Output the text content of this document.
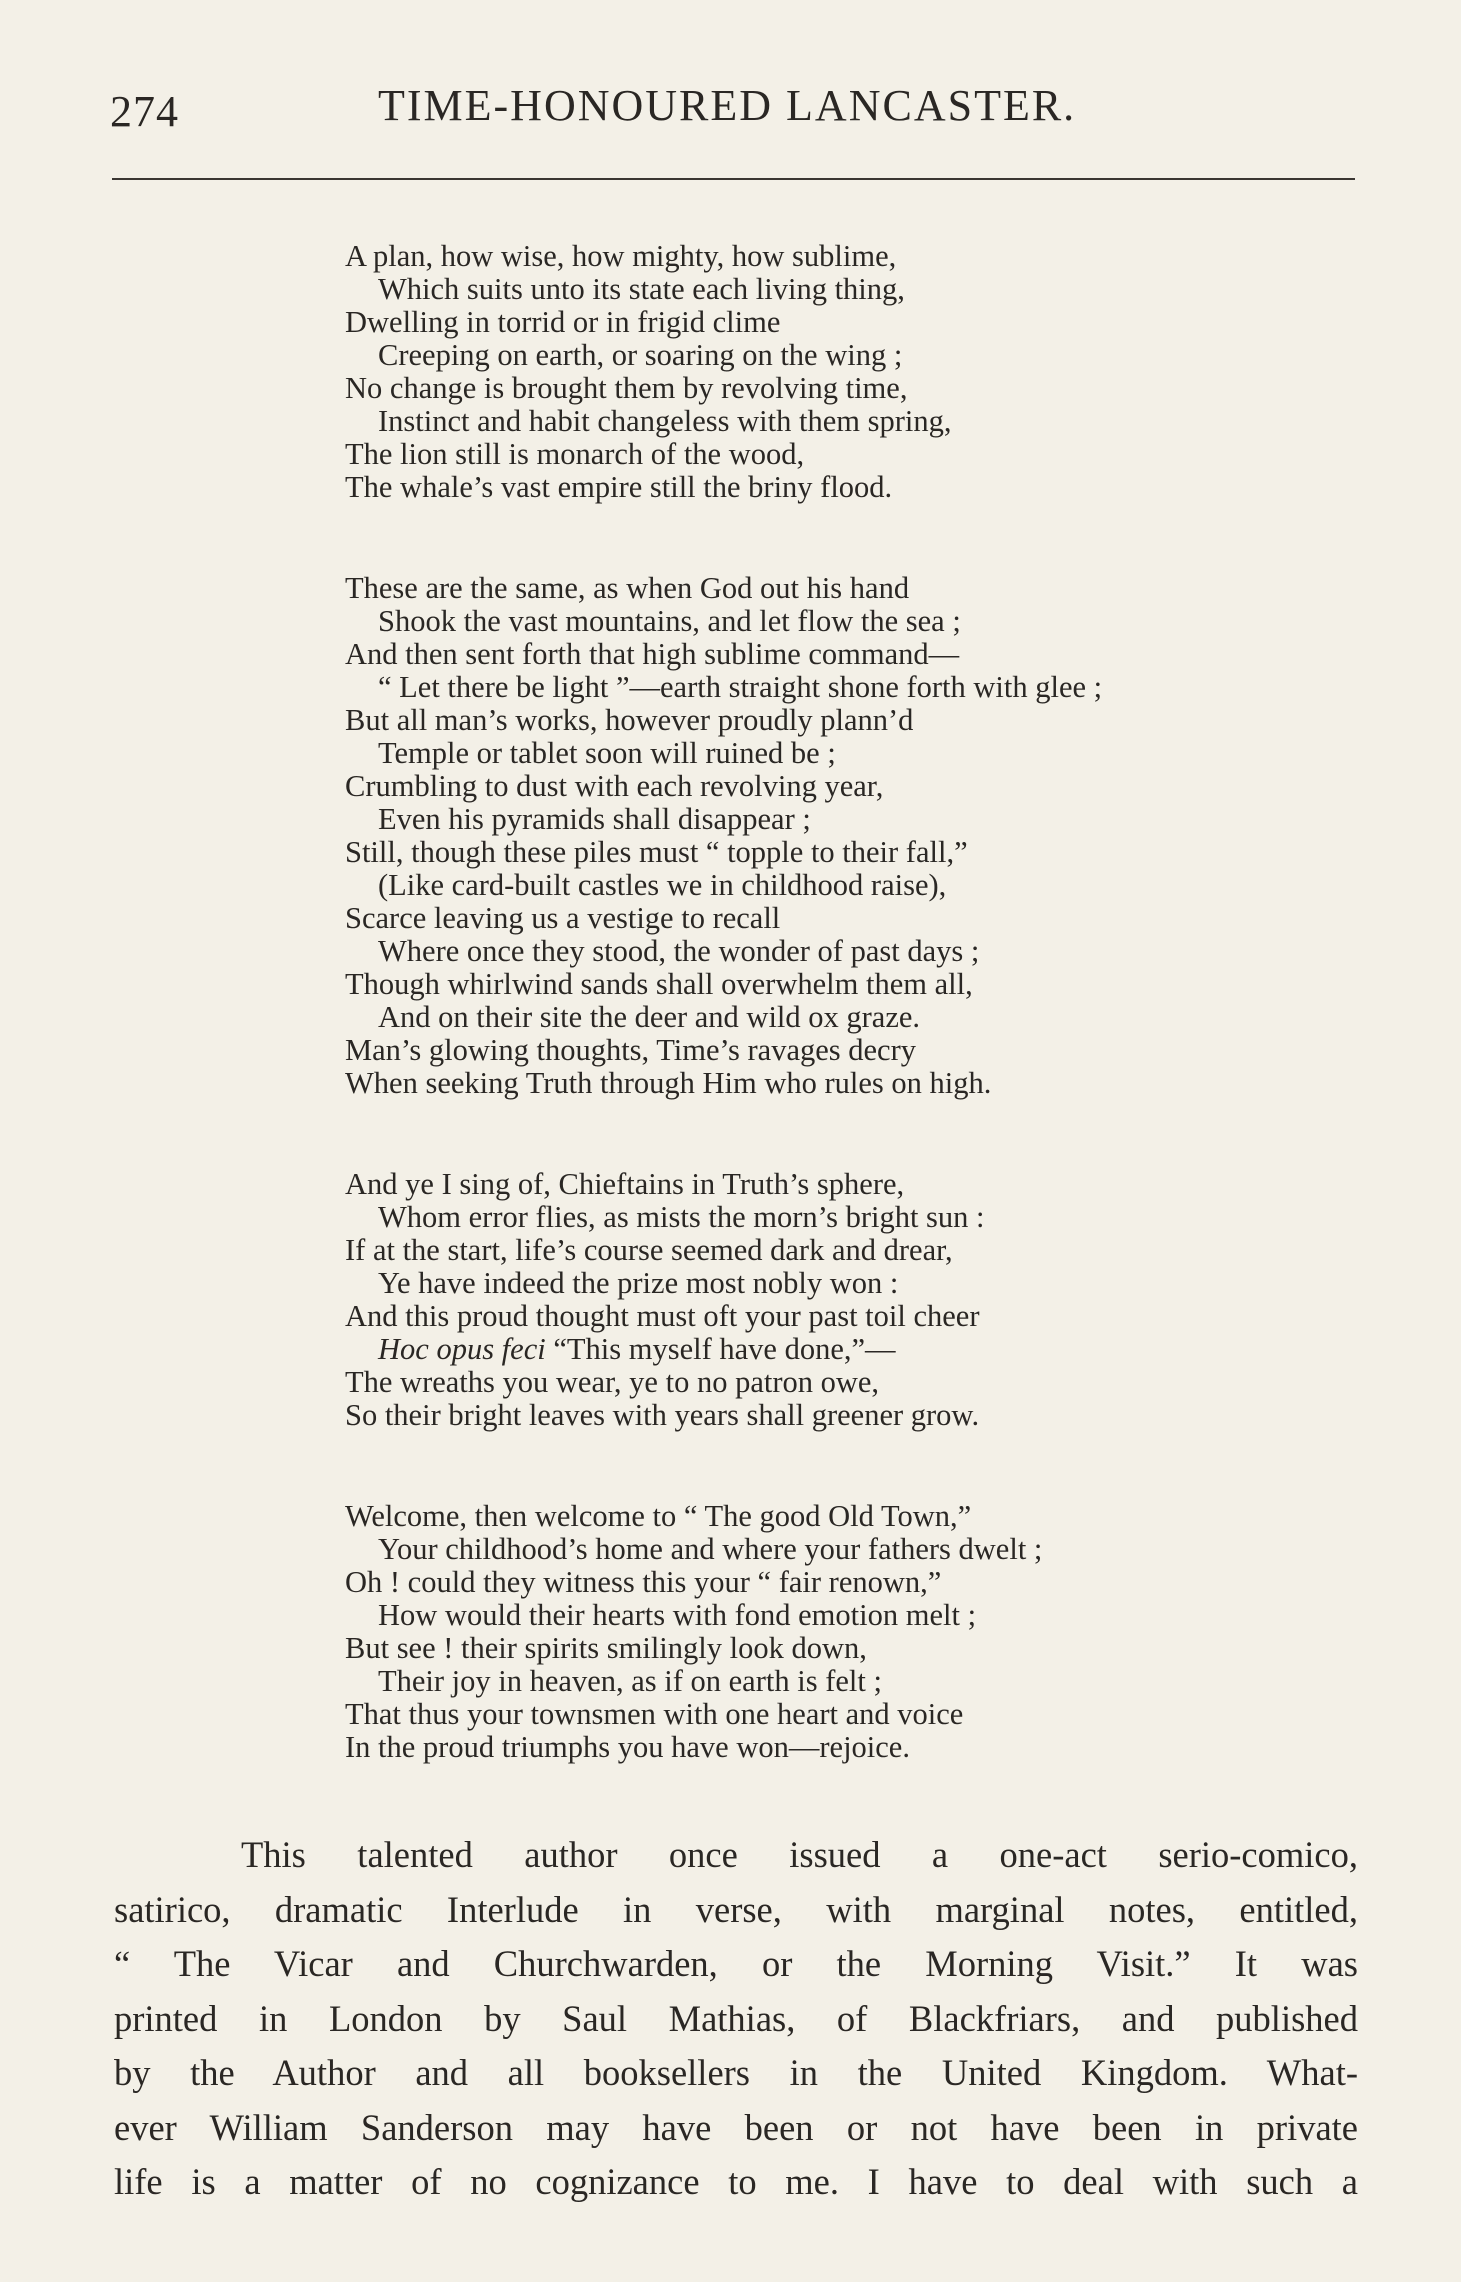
274	TIME-HONOURED LANCASTER.
A plan, how wise, how mighty, how sublime,
Which suits unto its state each living thing,
Dwelling in torrid or in frigid clime
Creeping on earth, or soaring on the wing ;
No change is brought them by revolving time,
Instinct and habit changeless with them spring,
The lion still is monarch of the wood,
The whale’s vast empire still the briny flood.
These are the same, as when God out his hand
Shook the vast mountains, and let flow the sea ;
And then sent forth that high sublime command—
“ Let there be light ”—earth straight shone forth with glee ;
But all man’s works, however proudly plann’d
Temple or tablet soon will ruined be ;
Crumbling to dust with each revolving year,
Even his pyramids shall disappear ;
Still, though these piles must “ topple to their fall,”
(Like card-built castles we in childhood raise),
Scarce leaving us a vestige to recall
Where once they stood, the wonder of past days ;
Though whirlwind sands shall overwhelm them all,
And on their site the deer and wild ox graze.
Man’s glowing thoughts, Time’s ravages decry
When seeking Truth through Him who rules on high.
And ye I sing of, Chieftains in Truth’s sphere,
Whom error flies, as mists the morn’s bright sun :
If at the start, life’s course seemed dark and drear,
Ye have indeed the prize most nobly won :
And this proud thought must oft your past toil cheer
Hoc opus feci “This myself have done,”—
The wreaths you wear, ye to no patron owe,
So their bright leaves with years shall greener grow.
Welcome, then welcome to “ The good Old Town,”
Your childhood’s home and where your fathers dwelt ;
Oh ! could they witness this your “ fair renown,”
How would their hearts with fond emotion melt ;
But see ! their spirits smilingly look down,
Their joy in heaven, as if on earth is felt ;
That thus your townsmen with one heart and voice
In the proud triumphs you have won—rejoice.
This talented author once issued a one-act serio-comico,
satirico, dramatic Interlude in verse, with marginal notes, entitled,
“ The Vicar and Churchwarden, or the Morning Visit.” It was
printed in London by Saul Mathias, of Blackfriars, and published
by the Author and all booksellers in the United Kingdom. What-
ever William Sanderson may have been or not have been in private
life is a matter of no cognizance to me. I have to deal with such a
